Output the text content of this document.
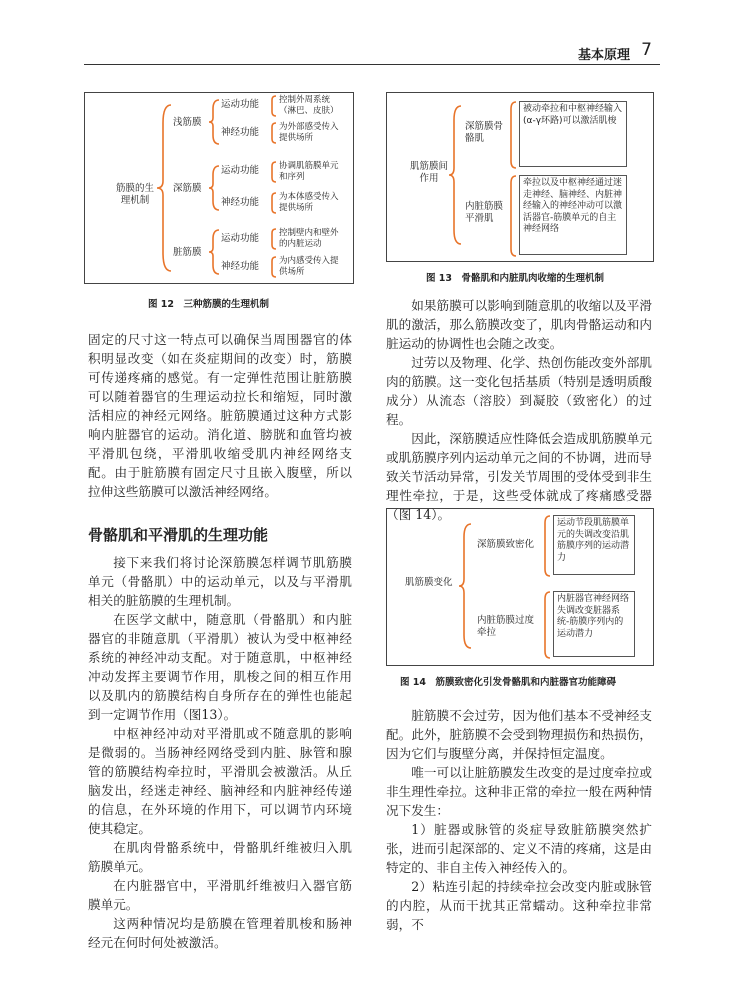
基本原理 7
筋膜的生理机制
浅筋膜
运动功能 控制外周系统（淋巴、皮肤）
神经功能 为外部感受传入提供场所
深筋膜
运动功能 协调肌筋膜单元和序列
神经功能 为本体感受传入提供场所
脏筋膜
运动功能 控制壁内和壁外的内脏运动
神经功能 为内感受传入提供场所
图 12　三种筋膜的生理机制
肌筋膜间作用
深筋膜骨骼肌
被动牵拉和中枢神经输入(α-γ环路)可以激活肌梭
内脏筋膜平滑肌
牵拉以及中枢神经通过迷走神经、脑神经、内脏神经输入的神经冲动可以激活器官-筋膜单元的自主神经网络
图 13　骨骼肌和内脏肌肉收缩的生理机制
肌筋膜变化
深筋膜致密化
运动节段肌筋膜单元的失调改变沿肌筋膜序列的运动潜力
内脏筋膜过度牵拉
内脏器官神经网络失调改变脏器系统-筋膜序列内的运动潜力
图 14　筋膜致密化引发骨骼肌和内脏器官功能障碍

固定的尺寸这一特点可以确保当周围器官的体积明显改变（如在炎症期间的改变）时，筋膜可传递疼痛的感觉。有一定弹性范围让脏筋膜可以随着器官的生理运动拉长和缩短，同时激活相应的神经元网络。脏筋膜通过这种方式影响内脏器官的运动。消化道、膀胱和血管均被平滑肌包绕，平滑肌收缩受肌内神经网络支配。由于脏筋膜有固定尺寸且嵌入腹壁，所以拉伸这些筋膜可以激活神经网络。

骨骼肌和平滑肌的生理功能

接下来我们将讨论深筋膜怎样调节肌筋膜单元（骨骼肌）中的运动单元，以及与平滑肌相关的脏筋膜的生理机制。

在医学文献中，随意肌（骨骼肌）和内脏器官的非随意肌（平滑肌）被认为受中枢神经系统的神经冲动支配。对于随意肌，中枢神经冲动发挥主要调节作用，肌梭之间的相互作用以及肌内的筋膜结构自身所存在的弹性也能起到一定调节作用（图13）。

中枢神经冲动对平滑肌或不随意肌的影响是微弱的。当肠神经网络受到内脏、脉管和腺管的筋膜结构牵拉时，平滑肌会被激活。从丘脑发出，经迷走神经、脑神经和内脏神经传递的信息，在外环境的作用下，可以调节内环境使其稳定。

在肌肉骨骼系统中，骨骼肌纤维被归入肌筋膜单元。

在内脏器官中，平滑肌纤维被归入器官筋膜单元。

这两种情况均是筋膜在管理着肌梭和肠神经元在何时何处被激活。

如果筋膜可以影响到随意肌的收缩以及平滑肌的激活，那么筋膜改变了，肌肉骨骼运动和内脏运动的协调性也会随之改变。

过劳以及物理、化学、热创伤能改变外部肌肉的筋膜。这一变化包括基质（特别是透明质酸成分）从流态（溶胶）到凝胶（致密化）的过程。

因此，深筋膜适应性降低会造成肌筋膜单元或肌筋膜序列内运动单元之间的不协调，进而导致关节活动异常，引发关节周围的受体受到非生理性牵拉，于是，这些受体就成了疼痛感受器（图 14）。

脏筋膜不会过劳，因为他们基本不受神经支配。此外，脏筋膜不会受到物理损伤和热损伤，因为它们与腹壁分离，并保持恒定温度。

唯一可以让脏筋膜发生改变的是过度牵拉或非生理性牵拉。这种非正常的牵拉一般在两种情况下发生：

1）脏器或脉管的炎症导致脏筋膜突然扩张，进而引起深部的、定义不清的疼痛，这是由特定的、非自主传入神经传入的。

2）粘连引起的持续牵拉会改变内脏或脉管的内腔，从而干扰其正常蠕动。这种牵拉非常弱，不
